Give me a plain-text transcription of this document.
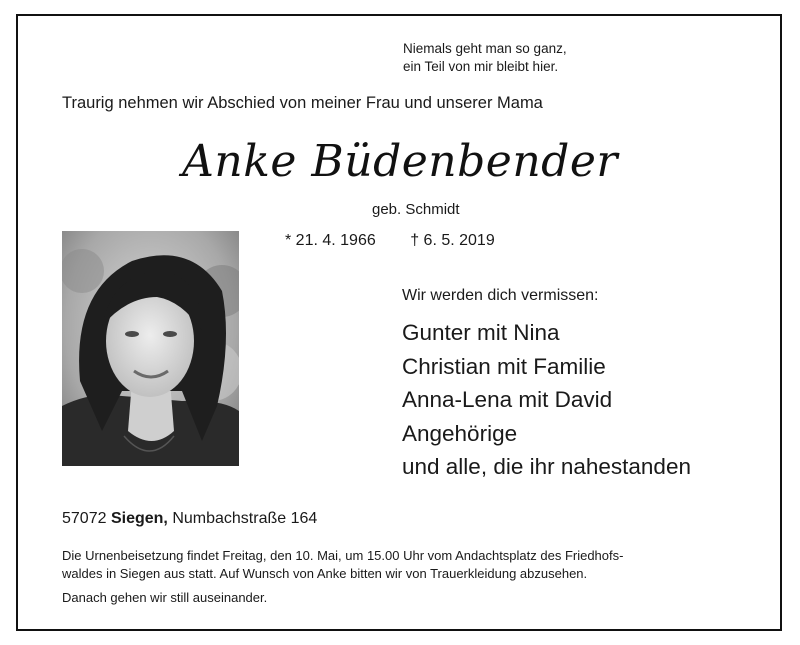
Niemals geht man so ganz,
ein Teil von mir bleibt hier.
Traurig nehmen wir Abschied von meiner Frau und unserer Mama
Anke Büdenbender
geb. Schmidt
* 21. 4. 1966 † 6. 5. 2019
Wir werden dich vermissen:
Gunter mit Nina
Christian mit Familie
Anna-Lena mit David
Angehörige
und alle, die ihr nahestanden
57072 Siegen, Numbachstraße 164
Die Urnenbeisetzung findet Freitag, den 10. Mai, um 15.00 Uhr vom Andachtsplatz des Friedhofs-
waldes in Siegen aus statt. Auf Wunsch von Anke bitten wir von Trauerkleidung abzusehen.
Danach gehen wir still auseinander.
